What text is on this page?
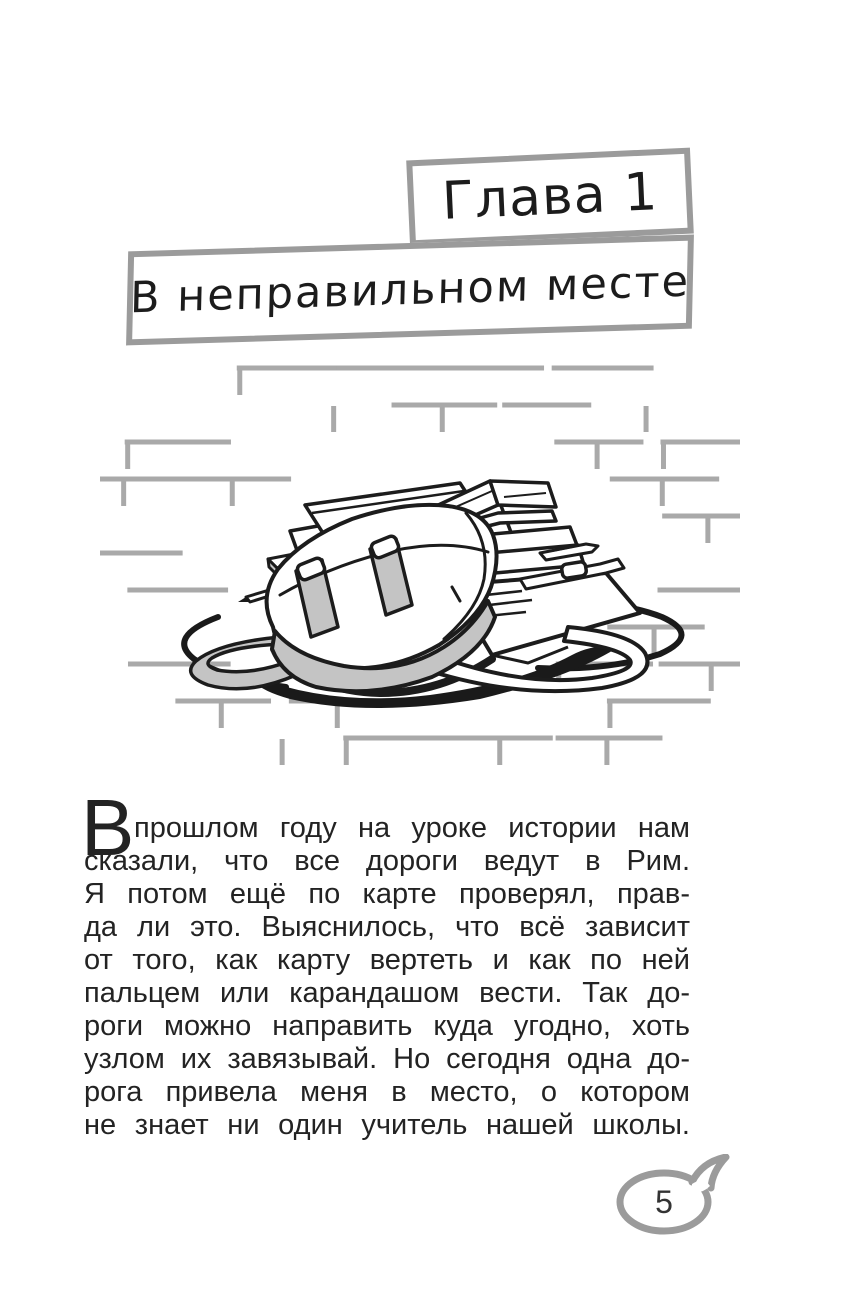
Глава 1
В неправильном месте
В прошлом году на уроке истории нам
сказали, что все дороги ведут в Рим.
Я потом ещё по карте проверял, прав-
да ли это. Выяснилось, что всё зависит
от того, как карту вертеть и как по ней
пальцем или карандашом вести. Так до-
роги можно направить куда угодно, хоть
узлом их завязывай. Но сегодня одна до-
рога привела меня в место, о котором
не знает ни один учитель нашей школы.
5
